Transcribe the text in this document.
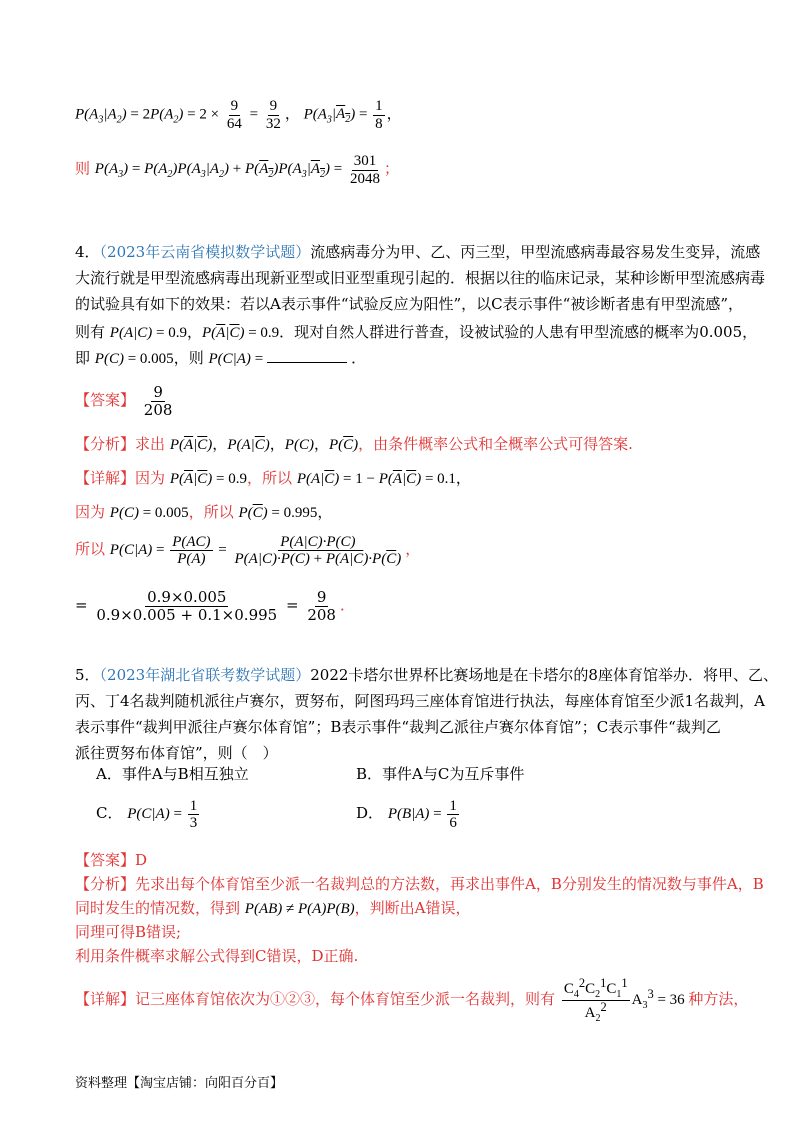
$P(A_3|A_2) = 2P(A_2) = 2 \times \frac{9}{64} = \frac{9}{32}$ ， $P(A_3|A_2) = \frac{1}{8}$ ，
则 $P(A_3) = P(A_2)P(A_3|A_2) + P(A_2)P(A_3|A_2) = \frac{301}{2048}$ ；
4．（2023年云南省模拟数学试题）流感病毒分为甲、乙、丙三型，甲型流感病毒最容易发生变异，流感
大流行就是甲型流感病毒出现新亚型或旧亚型重现引起的．根据以往的临床记录，某种诊断甲型流感病毒
的试验具有如下的效果：若以A表示事件“试验反应为阳性”，以C表示事件“被诊断者患有甲型流感”，
则有 P(A|C) = 0.9，$P(\overline{A}|\overline{C}) = 0.9$．现对自然人群进行普查，设被试验的人患有甲型流感的概率为0.005，
即 P(C) = 0.005，则 P(C|A) =	．
【答案】 $\frac{9}{208}$
【分析】求出 $P(\overline{A}|\overline{C})$，$P(A|\overline{C})$，P(C)，$P(\overline{C})$，由条件概率公式和全概率公式可得答案.
【详解】因为 $P(\overline{A}|\overline{C}) = 0.9$，所以 $P(A|\overline{C}) = 1 - P(\overline{A}|\overline{C}) = 0.1$，
因为 P(C) = 0.005，所以 $P(\overline{C}) = 0.995$，
所以 $P(C|A) = \frac{P(AC)}{P(A)} = \frac{P(A|C)\cdot P(C)}{P(A|C)\cdot P(C) + P(A|\overline{C})\cdot P(\overline{C})}$ ，
= $\frac{0.9\times 0.005}{0.9\times 0.005 + 0.1\times 0.995} = \frac{9}{208}$ ．
5．（2023年湖北省联考数学试题）2022卡塔尔世界杯比赛场地是在卡塔尔的8座体育馆举办．将甲、乙、
丙、丁4名裁判随机派往卢赛尔，贾努布，阿图玛玛三座体育馆进行执法，每座体育馆至少派1名裁判，A
表示事件“裁判甲派往卢赛尔体育馆”；B表示事件“裁判乙派往卢赛尔体育馆”；C表示事件“裁判乙
派往贾努布体育馆”，则（　）
A．事件A与B相互独立	B．事件A与C为互斥事件
C． $P(C|A) = \frac{1}{3}$	D． $P(B|A) = \frac{1}{6}$
【答案】D
【分析】先求出每个体育馆至少派一名裁判总的方法数，再求出事件A，B分别发生的情况数与事件A，B
同时发生的情况数，得到 P(AB) ≠ P(A)P(B)，判断出A错误，
同理可得B错误;
利用条件概率求解公式得到C错误，D正确.
【详解】记三座体育馆依次为①②③，每个体育馆至少派一名裁判，则有 $\frac{C_4^2C_2^1C_1^1}{A_2^2} A_3^3 = 36$ 种方法，
资料整理【淘宝店铺：向阳百分百】
